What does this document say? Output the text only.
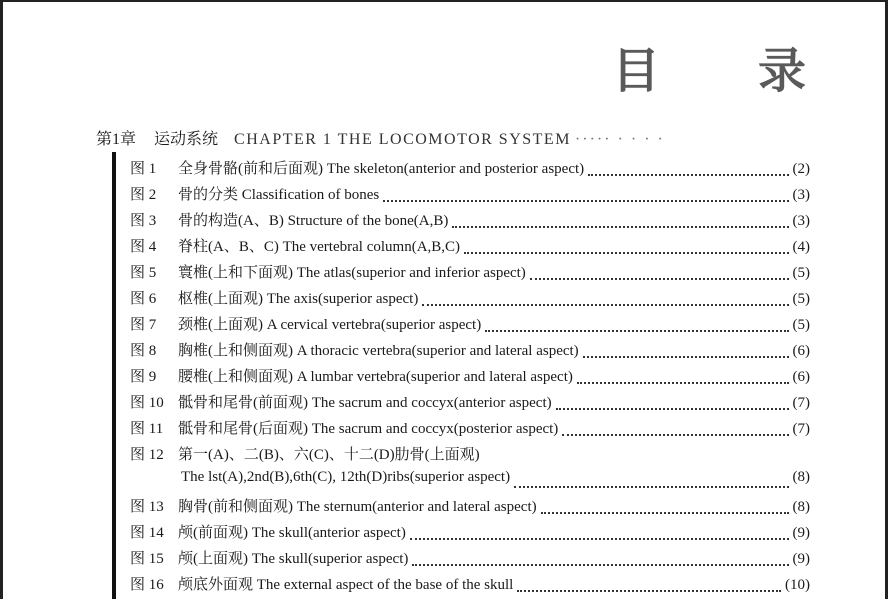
目 录
第1章 运动系统 CHAPTER 1 THE LOCOMOTOR SYSTEM ····· · · · ·
图 1	全身骨骼(前和后面观) The skeleton(anterior and posterior aspect)	(2)
图 2	骨的分类 Classification of bones	(3)
图 3	骨的构造(A、B) Structure of the bone(A,B)	(3)
图 4	脊柱(A、B、C) The vertebral column(A,B,C)	(4)
图 5	寰椎(上和下面观) The atlas(superior and inferior aspect)	(5)
图 6	枢椎(上面观) The axis(superior aspect)	(5)
图 7	颈椎(上面观) A cervical vertebra(superior aspect)	(5)
图 8	胸椎(上和侧面观) A thoracic vertebra(superior and lateral aspect)	(6)
图 9	腰椎(上和侧面观) A lumbar vertebra(superior and lateral aspect)	(6)
图 10 骶骨和尾骨(前面观) The sacrum and coccyx(anterior aspect)	(7)
图 11 骶骨和尾骨(后面观) The sacrum and coccyx(posterior aspect)	(7)
图 12 第一(A)、二(B)、六(C)、十二(D)肋骨(上面观)
The lst(A),2nd(B),6th(C), 12th(D)ribs(superior aspect)	(8)
图 13 胸骨(前和侧面观) The sternum(anterior and lateral aspect)	(8)
图 14 颅(前面观) The skull(anterior aspect)	(9)
图 15 颅(上面观) The skull(superior aspect)	(9)
图 16 颅底外面观 The external aspect of the base of the skull	(10)
